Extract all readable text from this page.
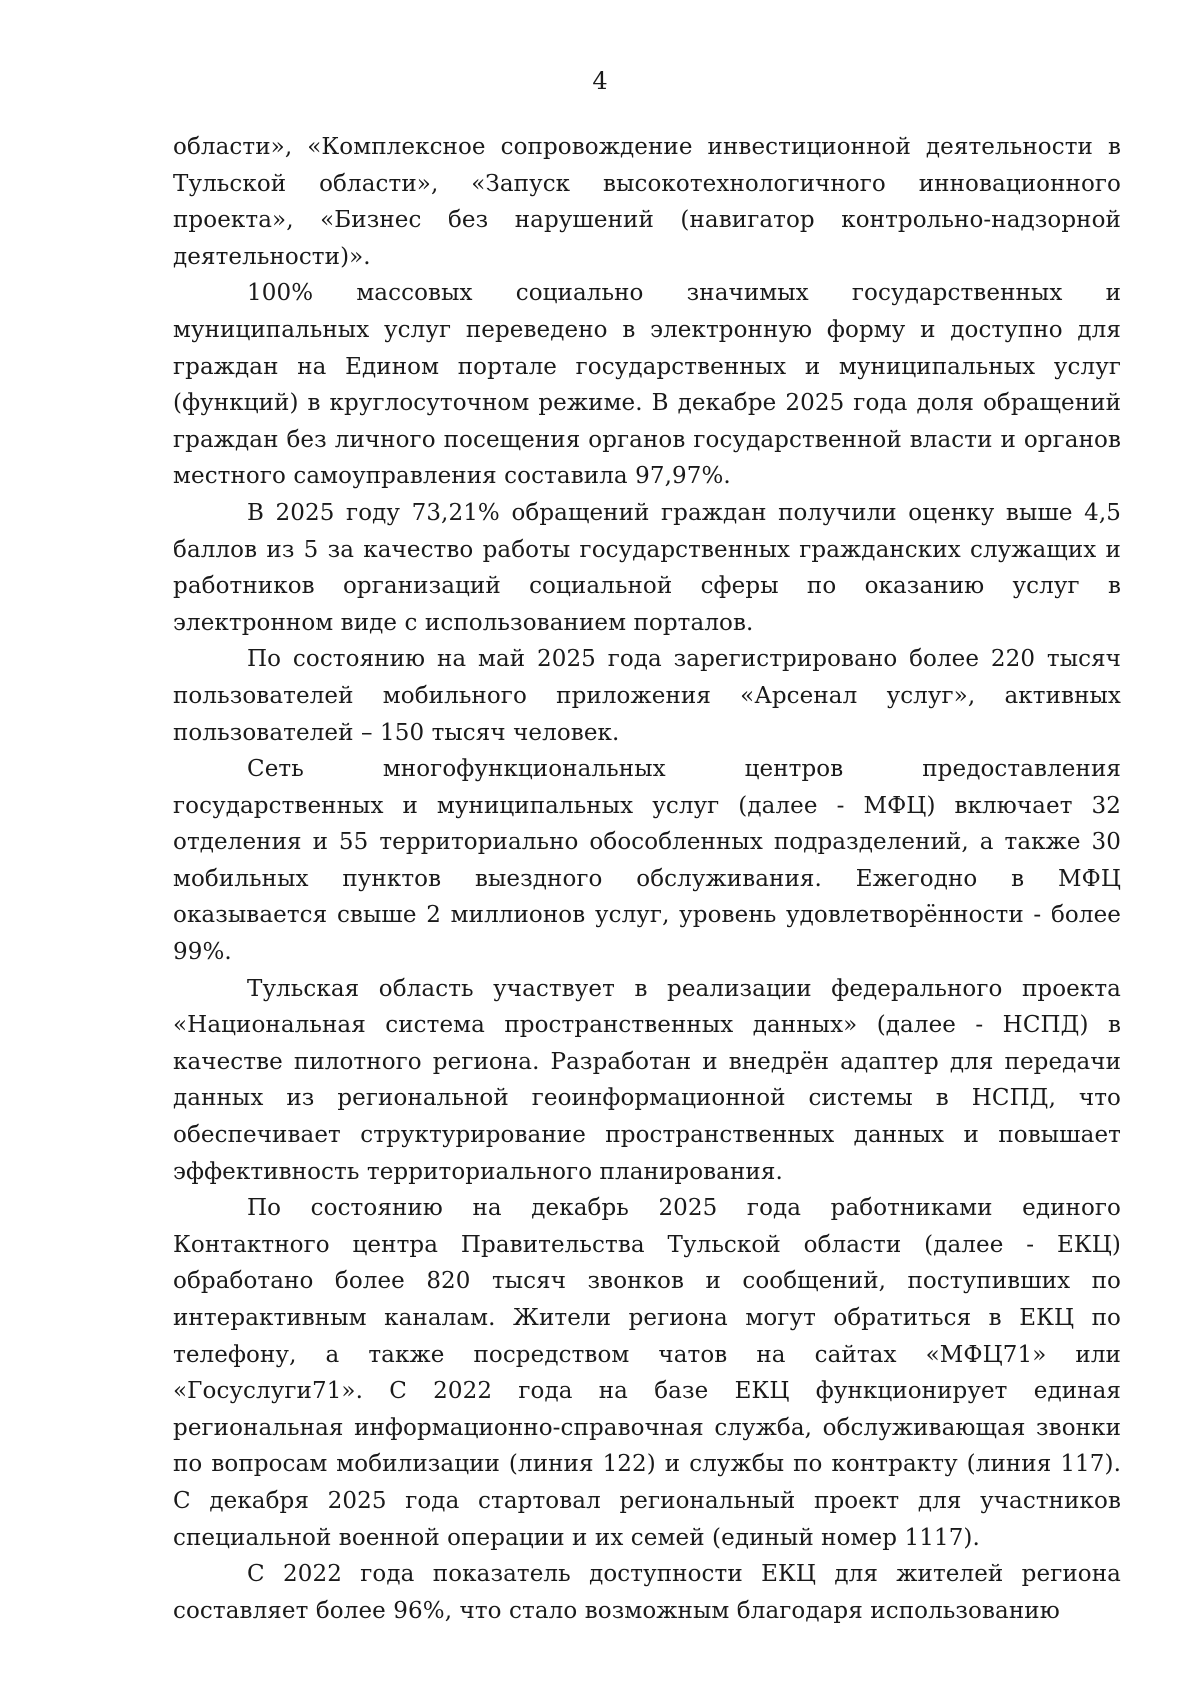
4

области», «Комплексное сопровождение инвестиционной деятельности в Тульской области», «Запуск высокотехнологичного инновационного проекта», «Бизнес без нарушений (навигатор контрольно-надзорной деятельности)».

100% массовых социально значимых государственных и муниципальных услуг переведено в электронную форму и доступно для граждан на Едином портале государственных и муниципальных услуг (функций) в круглосуточном режиме. В декабре 2025 года доля обращений граждан без личного посещения органов государственной власти и органов местного самоуправления составила 97,97%.

В 2025 году 73,21% обращений граждан получили оценку выше 4,5 баллов из 5 за качество работы государственных гражданских служащих и работников организаций социальной сферы по оказанию услуг в электронном виде с использованием порталов.

По состоянию на май 2025 года зарегистрировано более 220 тысяч пользователей мобильного приложения «Арсенал услуг», активных пользователей – 150 тысяч человек.

Сеть многофункциональных центров предоставления государственных и муниципальных услуг (далее - МФЦ) включает 32 отделения и 55 территориально обособленных подразделений, а также 30 мобильных пунктов выездного обслуживания. Ежегодно в МФЦ оказывается свыше 2 миллионов услуг, уровень удовлетворённости - более 99%.

Тульская область участвует в реализации федерального проекта «Национальная система пространственных данных» (далее - НСПД) в качестве пилотного региона. Разработан и внедрён адаптер для передачи данных из региональной геоинформационной системы в НСПД, что обеспечивает структурирование пространственных данных и повышает эффективность территориального планирования.

По состоянию на декабрь 2025 года работниками единого Контактного центра Правительства Тульской области (далее - ЕКЦ) обработано более 820 тысяч звонков и сообщений, поступивших по интерактивным каналам. Жители региона могут обратиться в ЕКЦ по телефону, а также посредством чатов на сайтах «МФЦ71» или «Госуслуги71». С 2022 года на базе ЕКЦ функционирует единая региональная информационно-справочная служба, обслуживающая звонки по вопросам мобилизации (линия 122) и службы по контракту (линия 117). С декабря 2025 года стартовал региональный проект для участников специальной военной операции и их семей (единый номер 1117).

С 2022 года показатель доступности ЕКЦ для жителей региона составляет более 96%, что стало возможным благодаря использованию
